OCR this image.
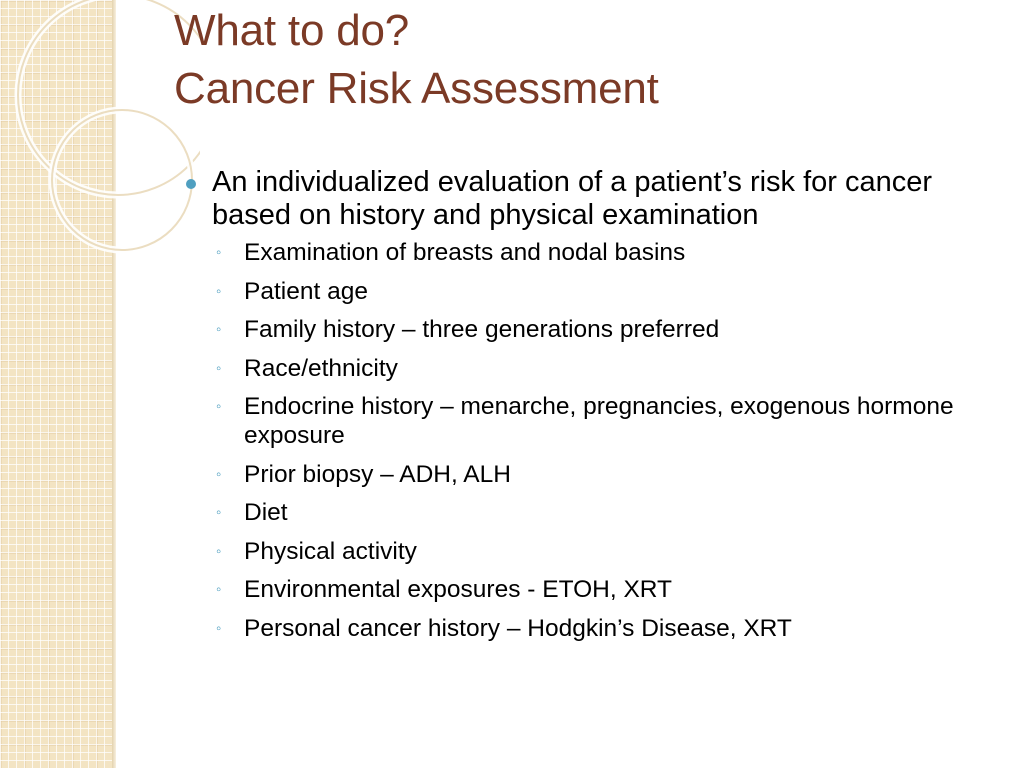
What to do?
Cancer Risk Assessment

An individualized evaluation of a patient’s risk for cancer based on history and physical examination

◦ Examination of breasts and nodal basins
◦ Patient age
◦ Family history – three generations preferred
◦ Race/ethnicity
◦ Endocrine history – menarche, pregnancies, exogenous hormone exposure
◦ Prior biopsy – ADH, ALH
◦ Diet
◦ Physical activity
◦ Environmental exposures - ETOH, XRT
◦ Personal cancer history – Hodgkin’s Disease, XRT
